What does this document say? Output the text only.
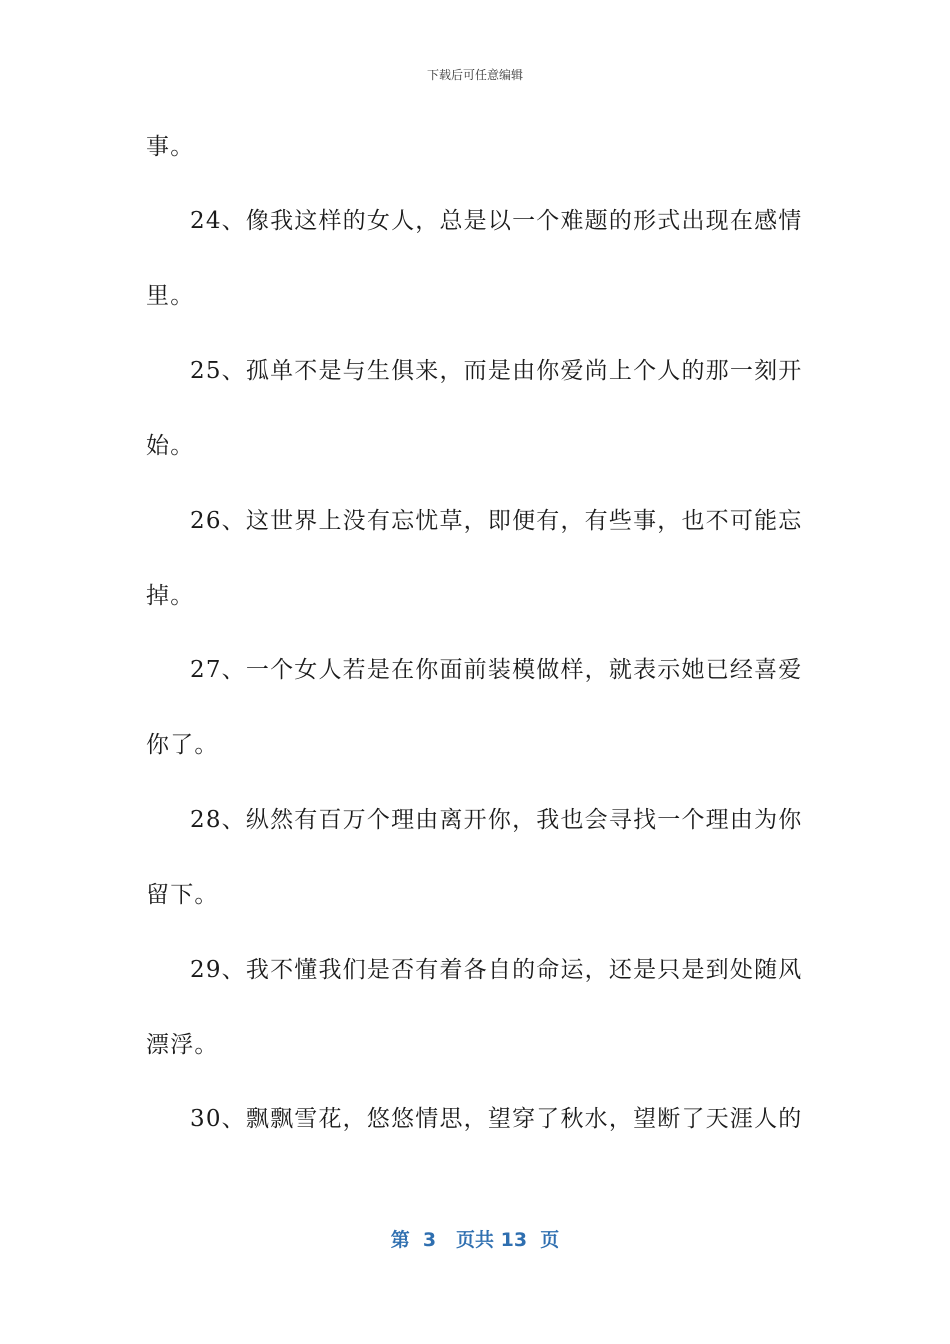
下载后可任意编辑
事。
24、像我这样的女人，总是以一个难题的形式出现在感情
里。
25、孤单不是与生俱来，而是由你爱尚上个人的那一刻开
始。
26、这世界上没有忘忧草，即便有，有些事，也不可能忘
掉。
27、一个女人若是在你面前装模做样，就表示她已经喜爱
你了。
28、纵然有百万个理由离开你，我也会寻找一个理由为你
留下。
29、我不懂我们是否有着各自的命运，还是只是到处随风
漂浮。
30、飘飘雪花，悠悠情思，望穿了秋水，望断了天涯人的
第  3   页共 13  页
